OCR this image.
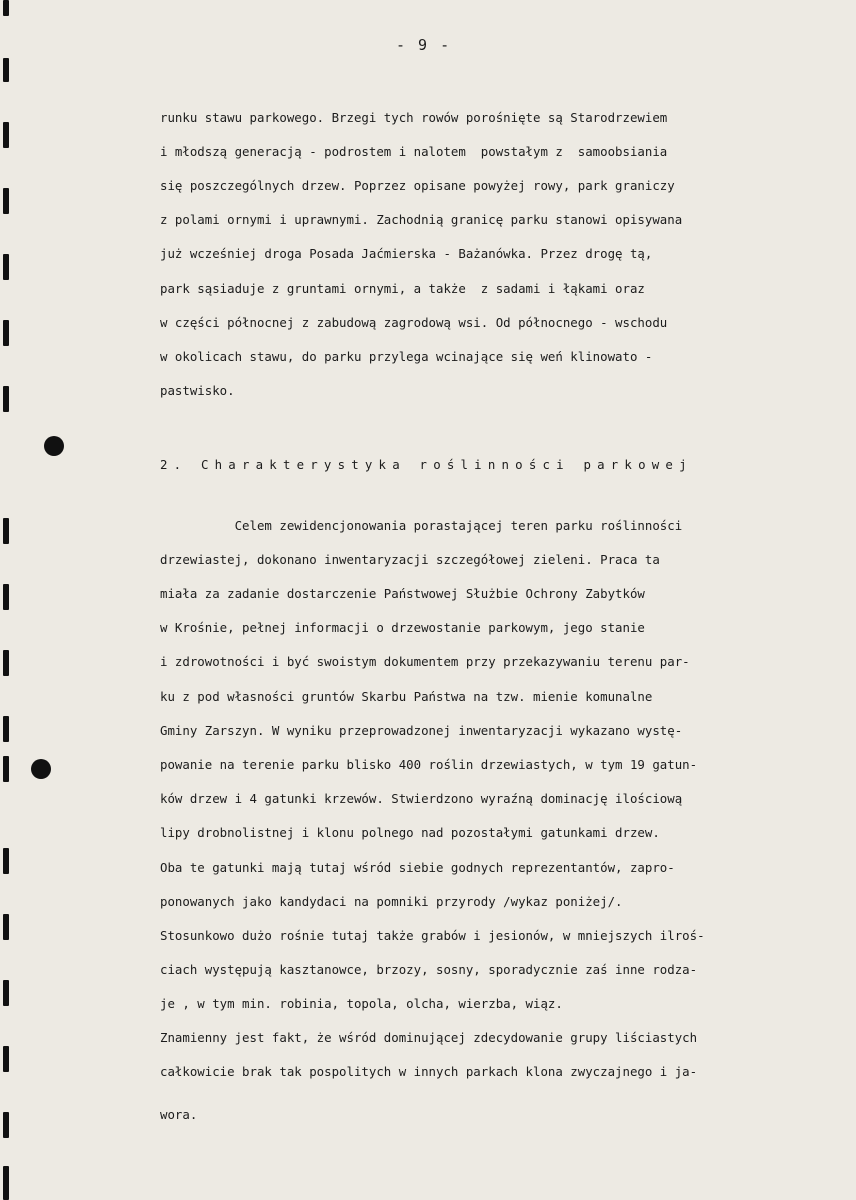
- 9 -
runku stawu parkowego. Brzegi tych rowów porośnięte są Starodrzewiem
i młodszą generacją - podrostem i nalotem  powstałym z  samoobsiania
się poszczególnych drzew. Poprzez opisane powyżej rowy, park graniczy
z polami ornymi i uprawnymi. Zachodnią granicę parku stanowi opisywana
już wcześniej droga Posada Jaćmierska - Bażanówka. Przez drogę tą,
park sąsiaduje z gruntami ornymi, a także  z sadami i łąkami oraz
w części północnej z zabudową zagrodową wsi. Od północnego - wschodu
w okolicach stawu, do parku przylega wcinające się weń klinowato -
pastwisko.
2. Charakterystyka roślinności parkowej
Celem zewidencjonowania porastającej teren parku roślinności
drzewiastej, dokonano inwentaryzacji szczegółowej zieleni. Praca ta
miała za zadanie dostarczenie Państwowej Służbie Ochrony Zabytków
w Krośnie, pełnej informacji o drzewostanie parkowym, jego stanie
i zdrowotności i być swoistym dokumentem przy przekazywaniu terenu par-
ku z pod własności gruntów Skarbu Państwa na tzw. mienie komunalne
Gminy Zarszyn. W wyniku przeprowadzonej inwentaryzacji wykazano wystę-
powanie na terenie parku blisko 400 roślin drzewiastych, w tym 19 gatun-
ków drzew i 4 gatunki krzewów. Stwierdzono wyraźną dominację ilościową
lipy drobnolistnej i klonu polnego nad pozostałymi gatunkami drzew.
Oba te gatunki mają tutaj wśród siebie godnych reprezentantów, zapro-
ponowanych jako kandydaci na pomniki przyrody /wykaz poniżej/.
Stosunkowo dużo rośnie tutaj także grabów i jesionów, w mniejszych ilroś-
ciach występują kasztanowce, brzozy, sosny, sporadycznie zaś inne rodza-
je , w tym min. robinia, topola, olcha, wierzba, wiąz.
Znamienny jest fakt, że wśród dominującej zdecydowanie grupy liściastych
całkowicie brak tak pospolitych w innych parkach klona zwyczajnego i ja-
wora.
